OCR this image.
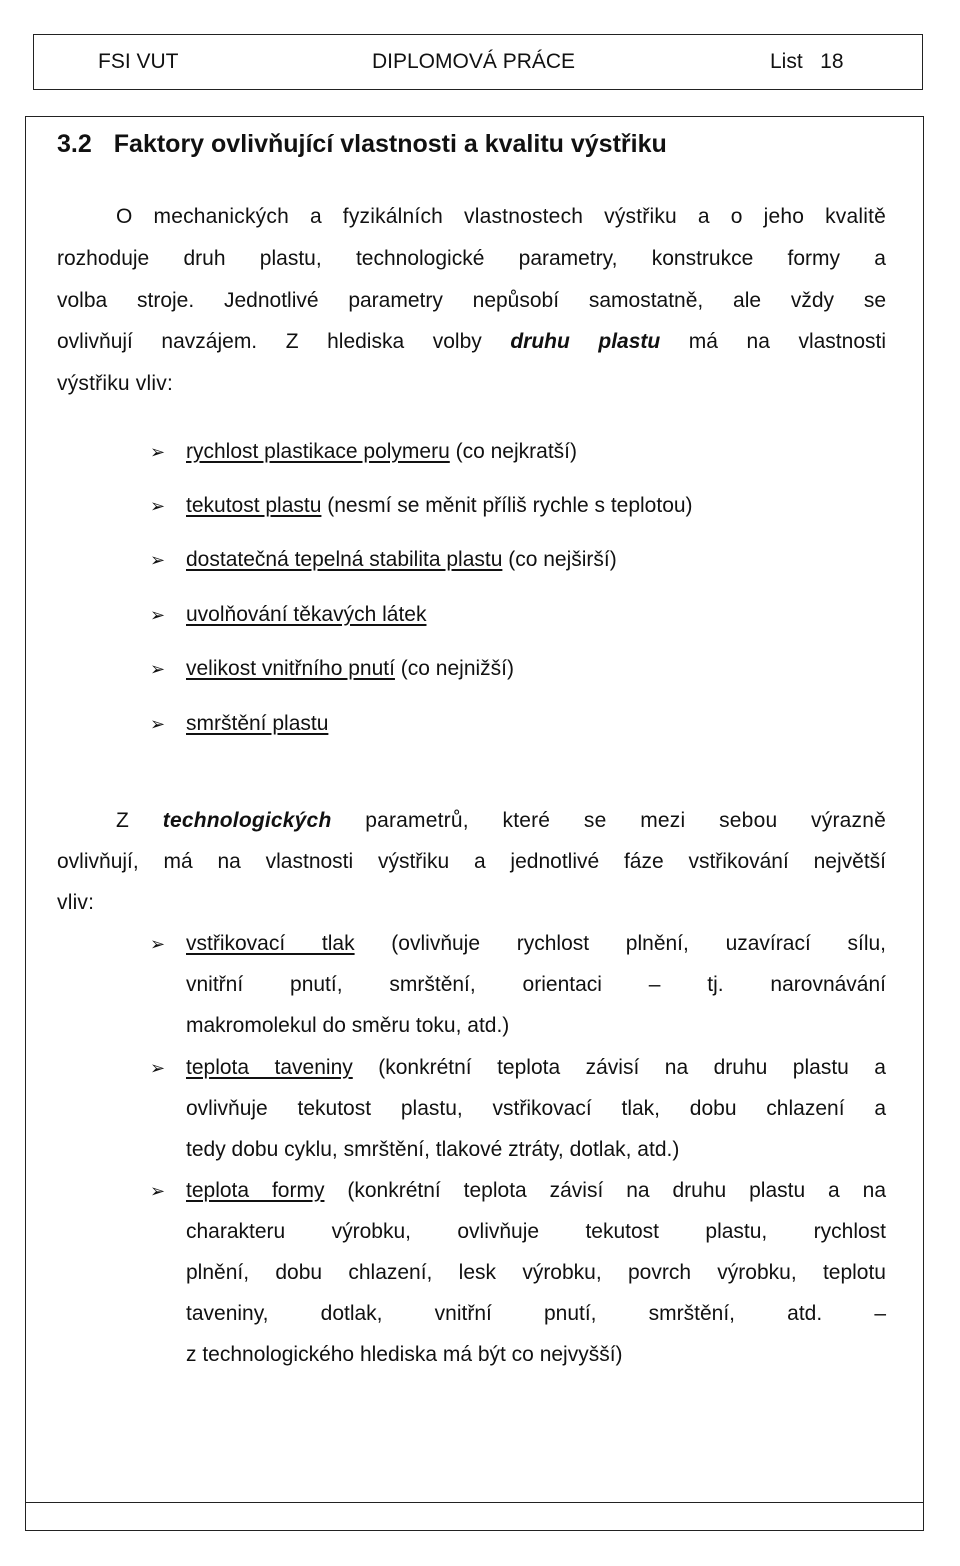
FSI VUT	DIPLOMOVÁ PRÁCE	List   18
3.2 Faktory ovlivňující vlastnosti a kvalitu výstřiku
O mechanických a fyzikálních vlastnostech výstřiku a o jeho kvalitě
rozhoduje druh plastu, technologické parametry, konstrukce formy a
volba stroje. Jednotlivé parametry nepůsobí samostatně, ale vždy se
ovlivňují navzájem. Z hlediska volby druhu plastu má na vlastnosti
výstřiku vliv:
➢ rychlost plastikace polymeru (co nejkratší)
➢ tekutost plastu (nesmí se měnit příliš rychle s teplotou)
➢ dostatečná tepelná stabilita plastu (co nejširší)
➢ uvolňování těkavých látek
➢ velikost vnitřního pnutí (co nejnižší)
➢ smrštění plastu
Z technologických parametrů, které se mezi sebou výrazně
ovlivňují, má na vlastnosti výstřiku a jednotlivé fáze vstřikování největší
vliv:
➢ vstřikovací tlak (ovlivňuje rychlost plnění, uzavírací sílu,
vnitřní pnutí, smrštění, orientaci – tj. narovnávání
makromolekul do směru toku, atd.)
➢ teplota taveniny (konkrétní teplota závisí na druhu plastu a
ovlivňuje tekutost plastu, vstřikovací tlak, dobu chlazení a
tedy dobu cyklu, smrštění, tlakové ztráty, dotlak, atd.)
➢ teplota formy (konkrétní teplota závisí na druhu plastu a na
charakteru výrobku, ovlivňuje tekutost plastu, rychlost
plnění, dobu chlazení, lesk výrobku, povrch výrobku, teplotu
taveniny, dotlak, vnitřní pnutí, smrštění, atd. –
z technologického hlediska má být co nejvyšší)
